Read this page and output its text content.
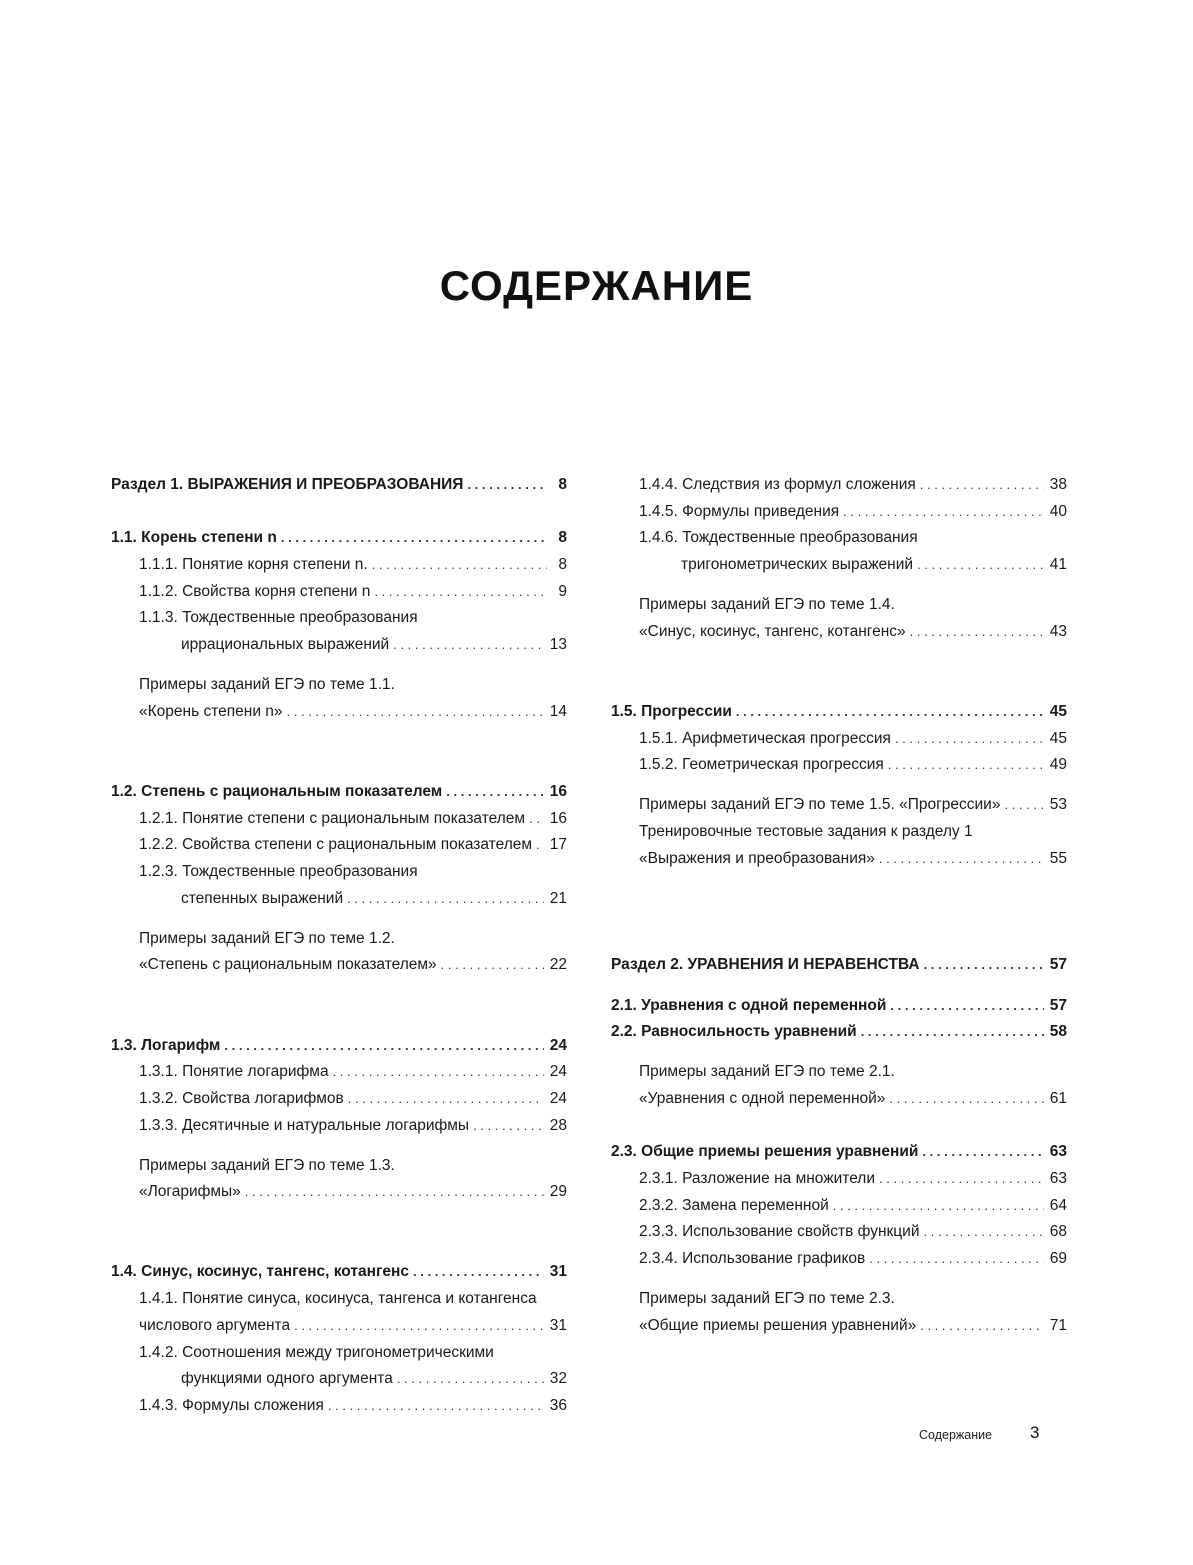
СОДЕРЖАНИЕ
Раздел 1. ВЫРАЖЕНИЯ И ПРЕОБРАЗОВАНИЯ . . .	8
1.1. Корень степени n . . .	8
1.1.1. Понятие корня степени n. . . .	8
1.1.2. Свойства корня степени n . . .	9
1.1.3. Тождественные преобразования
иррациональных выражений . . .	13
Примеры заданий ЕГЭ по теме 1.1.
«Корень степени n» . . .	14
1.2. Степень с рациональным показателем . . .	16
1.2.1. Понятие степени с рациональным показателем . . .	16
1.2.2. Свойства степени с рациональным показателем . . .	17
1.2.3. Тождественные преобразования
степенных выражений . . .	21
Примеры заданий ЕГЭ по теме 1.2.
«Степень с рациональным показателем» . . .	22
1.3. Логарифм . . .	24
1.3.1. Понятие логарифма . . .	24
1.3.2. Свойства логарифмов . . .	24
1.3.3. Десятичные и натуральные логарифмы . . .	28
Примеры заданий ЕГЭ по теме 1.3.
«Логарифмы» . . .	29
1.4. Синус, косинус, тангенс, котангенс . . .	31
1.4.1. Понятие синуса, косинуса, тангенса и котангенса
числового аргумента . . .	31
1.4.2. Соотношения между тригонометрическими
функциями одного аргумента . . .	32
1.4.3. Формулы сложения . . .	36
1.4.4. Следствия из формул сложения . . .	38
1.4.5. Формулы приведения . . .	40
1.4.6. Тождественные преобразования
тригонометрических выражений . . .	41
Примеры заданий ЕГЭ по теме 1.4.
«Синус, косинус, тангенс, котангенс» . . .	43
1.5. Прогрессии . . .	45
1.5.1. Арифметическая прогрессия . . .	45
1.5.2. Геометрическая прогрессия . . .	49
Примеры заданий ЕГЭ по теме 1.5. «Прогрессии» . . .	53
Тренировочные тестовые задания к разделу 1
«Выражения и преобразования» . . .	55
Раздел 2. УРАВНЕНИЯ И НЕРАВЕНСТВА . . .	57
2.1. Уравнения с одной переменной . . .	57
2.2. Равносильность уравнений . . .	58
Примеры заданий ЕГЭ по теме 2.1.
«Уравнения с одной переменной» . . .	61
2.3. Общие приемы решения уравнений . . .	63
2.3.1. Разложение на множители . . .	63
2.3.2. Замена переменной . . .	64
2.3.3. Использование свойств функций . . .	68
2.3.4. Использование графиков . . .	69
Примеры заданий ЕГЭ по теме 2.3.
«Общие приемы решения уравнений» . . .	71
Содержание 3
